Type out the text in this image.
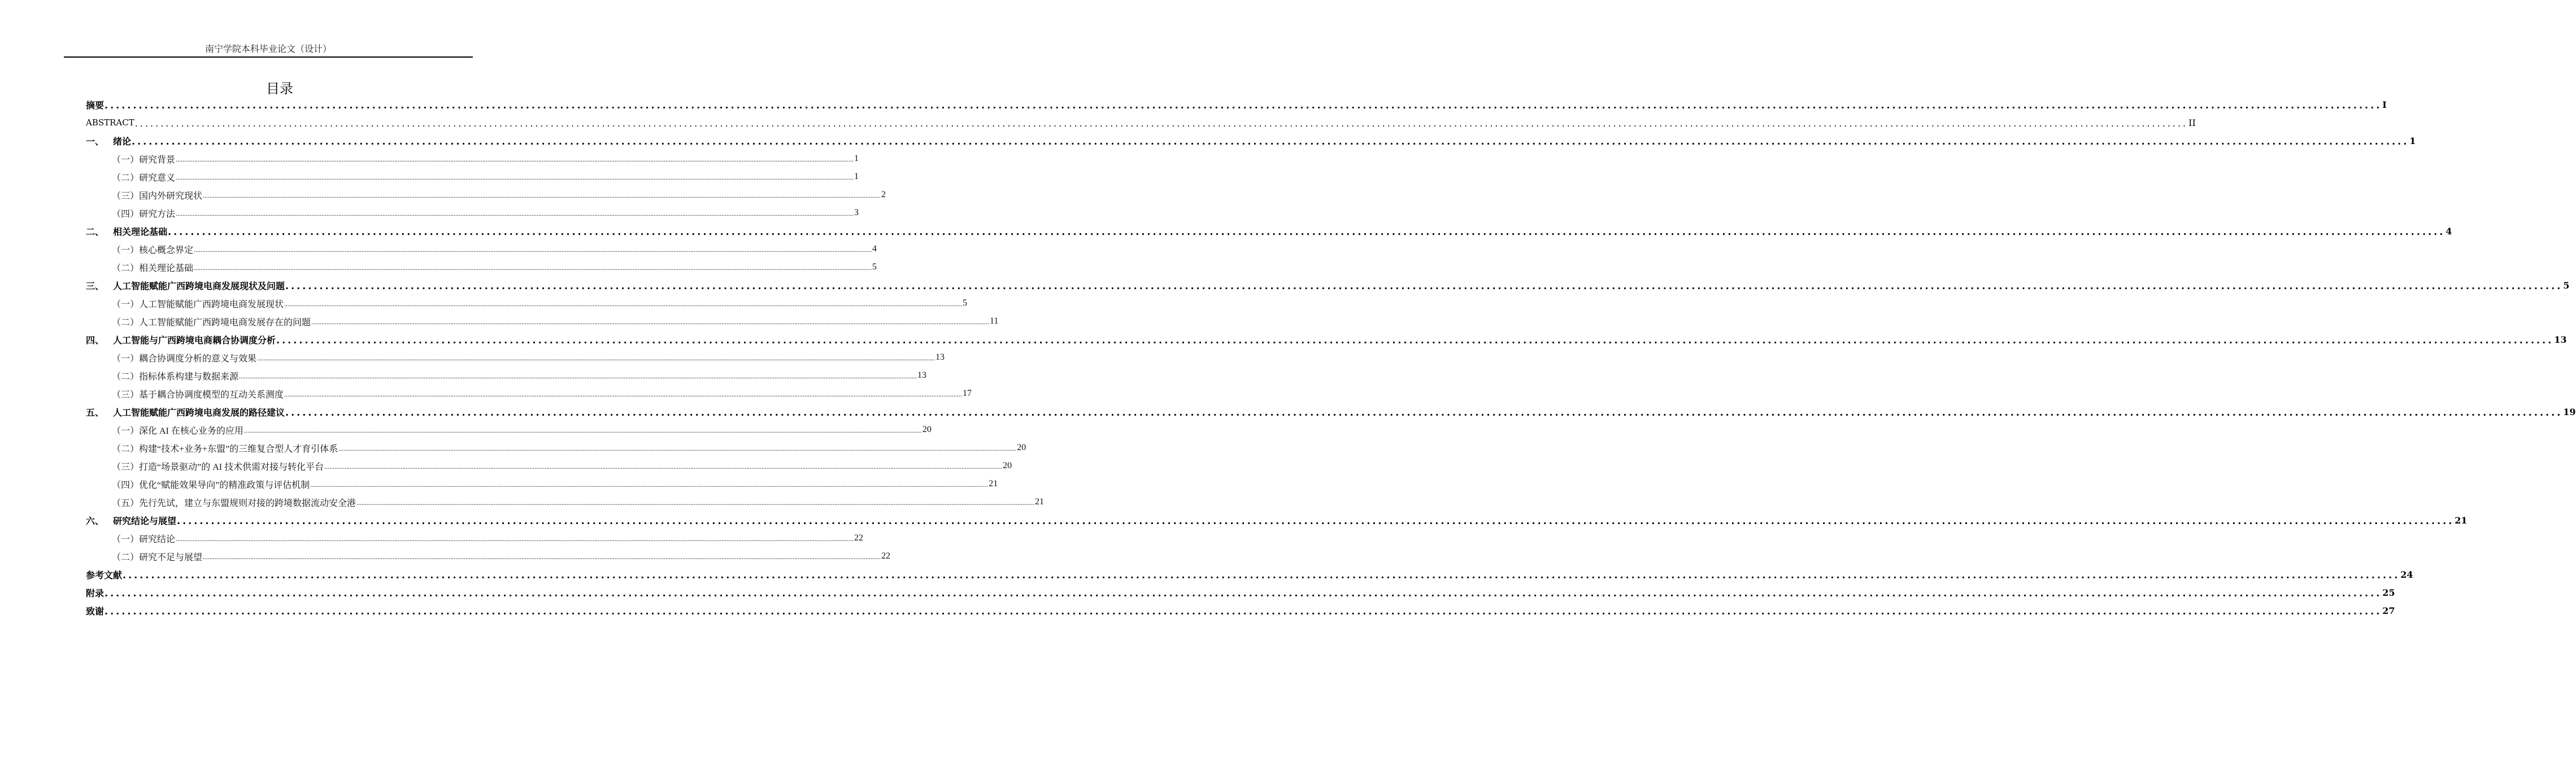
南宁学院本科毕业论文（设计）
目录
摘要 ................................................................................................................................................................................................................................................................................................................................................................................................................ I
ABSTRACT ................................................................................................................................................................................................................................................................................................................................................................................................................ II
一、 绪论 ................................................................................................................................................................................................................................................................................................................................................................................................................ 1
（一）研究背景 ................................................................................................................................................................................................................................................................................................................................................................................................................ 1
（二）研究意义 ................................................................................................................................................................................................................................................................................................................................................................................................................ 1
（三）国内外研究现状 ................................................................................................................................................................................................................................................................................................................................................................................................................ 2
（四）研究方法 ................................................................................................................................................................................................................................................................................................................................................................................................................ 3
二、 相关理论基础 ................................................................................................................................................................................................................................................................................................................................................................................................................ 4
（一）核心概念界定 ................................................................................................................................................................................................................................................................................................................................................................................................................ 4
（二）相关理论基础 ................................................................................................................................................................................................................................................................................................................................................................................................................ 5
三、 人工智能赋能广西跨境电商发展现状及问题 ................................................................................................................................................................................................................................................................................................................................................................................................................ 5
（一）人工智能赋能广西跨境电商发展现状 ................................................................................................................................................................................................................................................................................................................................................................................................................ 5
（二）人工智能赋能广西跨境电商发展存在的问题 ................................................................................................................................................................................................................................................................................................................................................................................................................ 11
四、 人工智能与广西跨境电商耦合协调度分析 ................................................................................................................................................................................................................................................................................................................................................................................................................ 13
（一）耦合协调度分析的意义与效果 ................................................................................................................................................................................................................................................................................................................................................................................................................ 13
（二）指标体系构建与数据来源 ................................................................................................................................................................................................................................................................................................................................................................................................................ 13
（三）基于耦合协调度模型的互动关系测度 ................................................................................................................................................................................................................................................................................................................................................................................................................ 17
五、 人工智能赋能广西跨境电商发展的路径建议 ................................................................................................................................................................................................................................................................................................................................................................................................................ 19
（一）深化 AI 在核心业务的应用 ................................................................................................................................................................................................................................................................................................................................................................................................................ 20
（二）构建“技术+业务+东盟”的三维复合型人才育引体系 ................................................................................................................................................................................................................................................................................................................................................................................................................ 20
（三）打造“场景驱动”的 AI 技术供需对接与转化平台 ................................................................................................................................................................................................................................................................................................................................................................................................................ 20
（四）优化“赋能效果导向”的精准政策与评估机制 ................................................................................................................................................................................................................................................................................................................................................................................................................ 21
（五）先行先试，建立与东盟规则对接的跨境数据流动安全港 ................................................................................................................................................................................................................................................................................................................................................................................................................ 21
六、 研究结论与展望 ................................................................................................................................................................................................................................................................................................................................................................................................................ 21
（一）研究结论 ................................................................................................................................................................................................................................................................................................................................................................................................................ 22
（二）研究不足与展望 ................................................................................................................................................................................................................................................................................................................................................................................................................ 22
参考文献 ................................................................................................................................................................................................................................................................................................................................................................................................................ 24
附录 ................................................................................................................................................................................................................................................................................................................................................................................................................ 25
致谢 ................................................................................................................................................................................................................................................................................................................................................................................................................ 27
